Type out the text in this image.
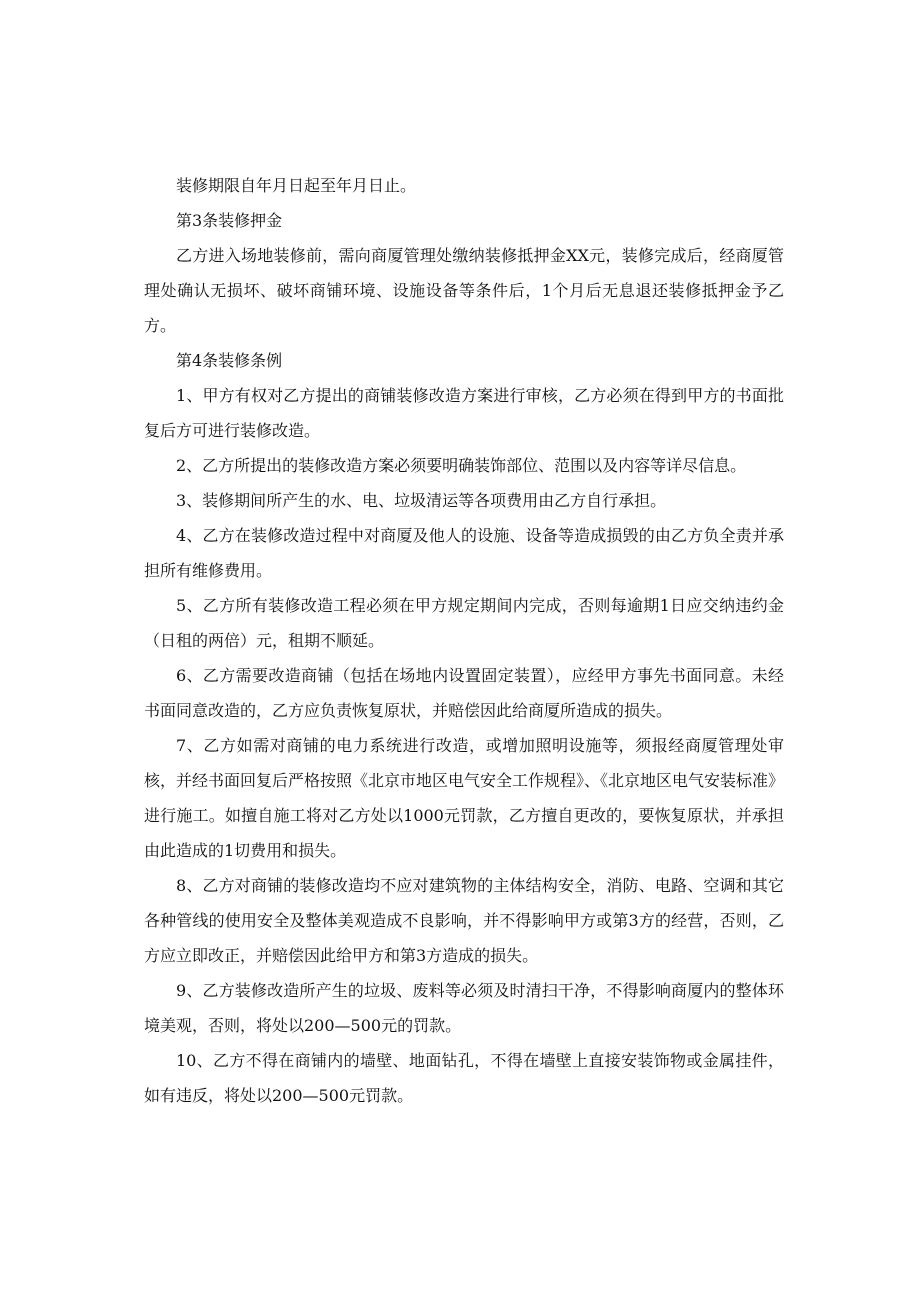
装修期限自年月日起至年月日止。

第3条装修押金

乙方进入场地装修前，需向商厦管理处缴纳装修抵押金XX元，装修完成后，经商厦管理处确认无损坏、破坏商铺环境、设施设备等条件后，1个月后无息退还装修抵押金予乙方。

第4条装修条例

1、甲方有权对乙方提出的商铺装修改造方案进行审核，乙方必须在得到甲方的书面批复后方可进行装修改造。

2、乙方所提出的装修改造方案必须要明确装饰部位、范围以及内容等详尽信息。

3、装修期间所产生的水、电、垃圾清运等各项费用由乙方自行承担。

4、乙方在装修改造过程中对商厦及他人的设施、设备等造成损毁的由乙方负全责并承担所有维修费用。

5、乙方所有装修改造工程必须在甲方规定期间内完成，否则每逾期1日应交纳违约金（日租的两倍）元，租期不顺延。

6、乙方需要改造商铺（包括在场地内设置固定装置），应经甲方事先书面同意。未经书面同意改造的，乙方应负责恢复原状，并赔偿因此给商厦所造成的损失。

7、乙方如需对商铺的电力系统进行改造，或增加照明设施等，须报经商厦管理处审核，并经书面回复后严格按照《北京市地区电气安全工作规程》、《北京地区电气安装标准》进行施工。如擅自施工将对乙方处以1000元罚款，乙方擅自更改的，要恢复原状，并承担由此造成的1切费用和损失。

8、乙方对商铺的装修改造均不应对建筑物的主体结构安全，消防、电路、空调和其它各种管线的使用安全及整体美观造成不良影响，并不得影响甲方或第3方的经营，否则，乙方应立即改正，并赔偿因此给甲方和第3方造成的损失。

9、乙方装修改造所产生的垃圾、废料等必须及时清扫干净，不得影响商厦内的整体环境美观，否则，将处以200—500元的罚款。

10、乙方不得在商铺内的墙壁、地面钻孔，不得在墙壁上直接安装饰物或金属挂件，如有违反，将处以200—500元罚款。
